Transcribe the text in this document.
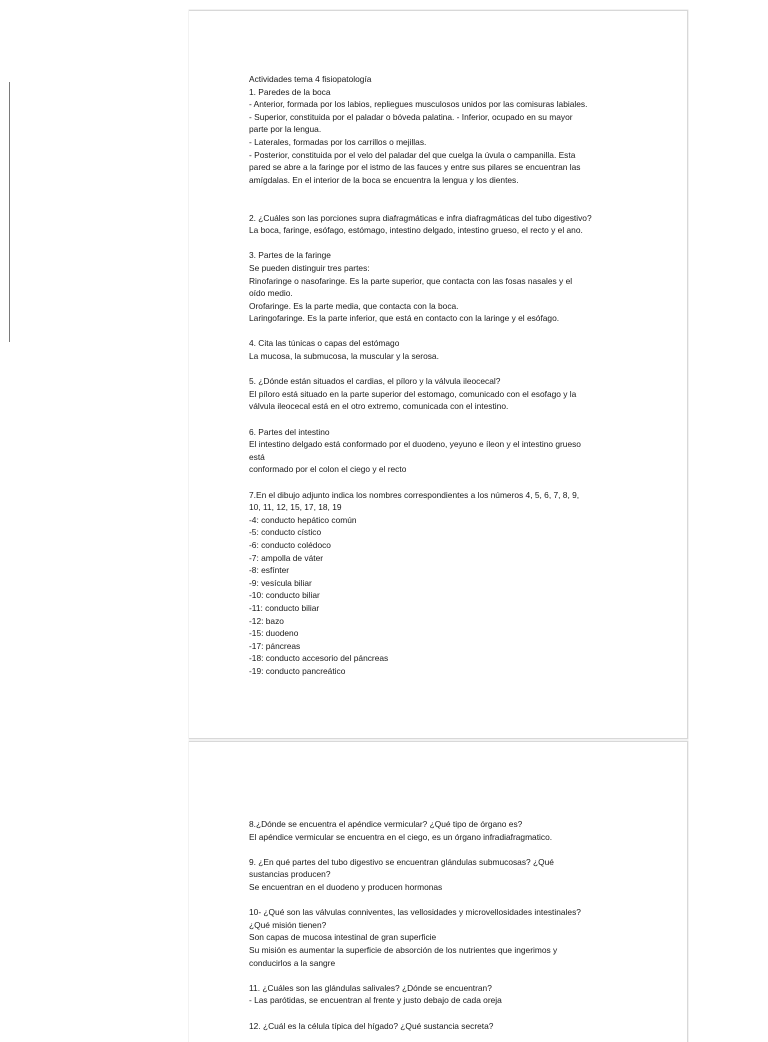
Actividades tema 4 fisiopatología
1. Paredes de la boca
- Anterior, formada por los labios, repliegues musculosos unidos por las comisuras labiales.
- Superior, constituida por el paladar o bóveda palatina. - Inferior, ocupado en su mayor
parte por la lengua.
- Laterales, formadas por los carrillos o mejillas.
- Posterior, constituida por el velo del paladar del que cuelga la úvula o campanilla. Esta
pared se abre a la faringe por el istmo de las fauces y entre sus pilares se encuentran las
amígdalas. En el interior de la boca se encuentra la lengua y los dientes.
2. ¿Cuáles son las porciones supra diafragmáticas e infra diafragmáticas del tubo digestivo?
La boca, faringe, esófago, estómago, intestino delgado, intestino grueso, el recto y el ano.
3. Partes de la faringe
Se pueden distinguir tres partes:
Rinofaringe o nasofaringe. Es la parte superior, que contacta con las fosas nasales y el
oído medio.
Orofaringe. Es la parte media, que contacta con la boca.
Laringofaringe. Es la parte inferior, que está en contacto con la laringe y el esófago.
4. Cita las túnicas o capas del estómago
La mucosa, la submucosa, la muscular y la serosa.
5. ¿Dónde están situados el cardias, el píloro y la válvula ileocecal?
El píloro está situado en la parte superior del estomago, comunicado con el esofago y la
válvula ileocecal está en el otro extremo, comunicada con el intestino.
6. Partes del intestino
El intestino delgado está conformado por el duodeno, yeyuno e íleon y el intestino grueso
está
conformado por el colon el ciego y el recto
7.En el dibujo adjunto indica los nombres correspondientes a los números 4, 5, 6, 7, 8, 9,
10, 11, 12, 15, 17, 18, 19
-4: conducto hepático común
-5: conducto cístico
-6: conducto colédoco
-7: ampolla de váter
-8: esfínter
-9: vesícula biliar
-10: conducto biliar
-11: conducto biliar
-12: bazo
-15: duodeno
-17: páncreas
-18: conducto accesorio del páncreas
-19: conducto pancreático
8.¿Dónde se encuentra el apéndice vermicular? ¿Qué tipo de órgano es?
El apéndice vermicular se encuentra en el ciego, es un órgano infradiafragmatico.
9. ¿En qué partes del tubo digestivo se encuentran glándulas submucosas? ¿Qué
sustancias producen?
Se encuentran en el duodeno y producen hormonas
10- ¿Qué son las válvulas conniventes, las vellosidades y microvellosidades intestinales?
¿Qué misión tienen?
Son capas de mucosa intestinal de gran superficie
Su misión es aumentar la superficie de absorción de los nutrientes que ingerimos y
conducirlos a la sangre
11. ¿Cuáles son las glándulas salivales? ¿Dónde se encuentran?
- Las parótidas, se encuentran al frente y justo debajo de cada oreja
12. ¿Cuál es la célula típica del hígado? ¿Qué sustancia secreta?
